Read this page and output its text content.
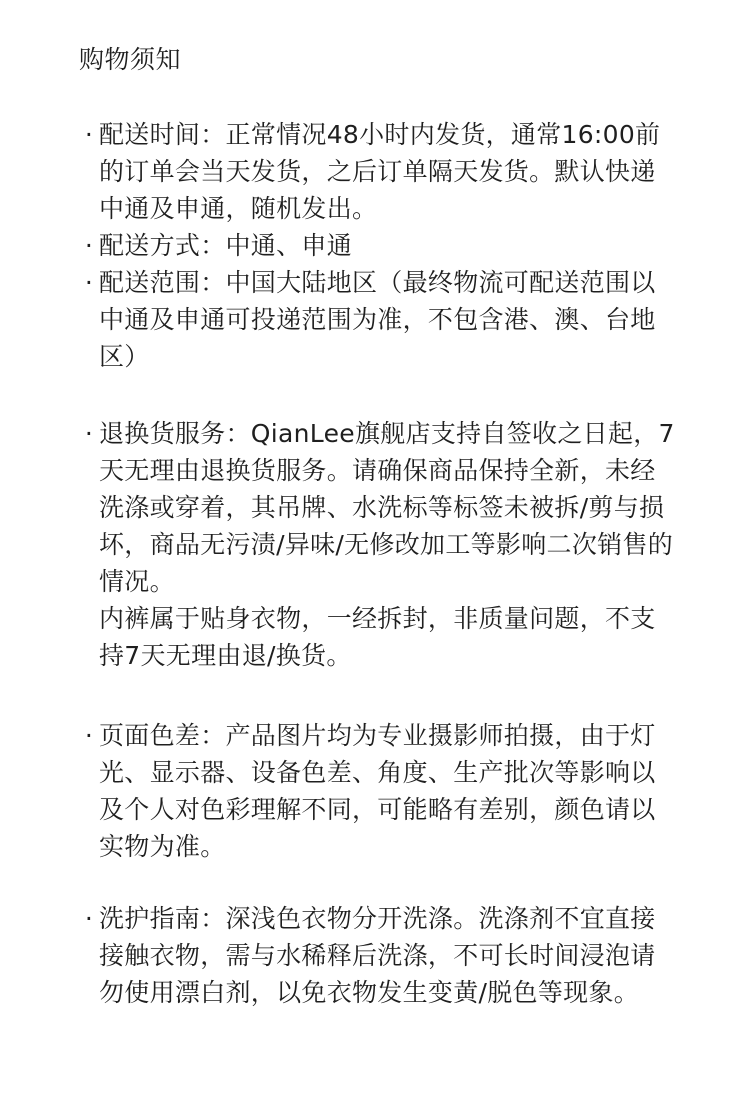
购物须知
· 配送时间：正常情况48小时内发货，通常16:00前的订单会当天发货，之后订单隔天发货。默认快递中通及申通，随机发出。
· 配送方式：中通、申通
· 配送范围：中国大陆地区（最终物流可配送范围以中通及申通可投递范围为准，不包含港、澳、台地区）
· 退换货服务：QianLee旗舰店支持自签收之日起，7天无理由退换货服务。请确保商品保持全新，未经洗涤或穿着，其吊牌、水洗标等标签未被拆/剪与损坏，商品无污渍/异味/无修改加工等影响二次销售的情况。
内裤属于贴身衣物，一经拆封，非质量问题，不支持7天无理由退/换货。
· 页面色差：产品图片均为专业摄影师拍摄，由于灯光、显示器、设备色差、角度、生产批次等影响以及个人对色彩理解不同，可能略有差别，颜色请以实物为准。
· 洗护指南：深浅色衣物分开洗涤。洗涤剂不宜直接接触衣物，需与水稀释后洗涤，不可长时间浸泡请勿使用漂白剂，以免衣物发生变黄/脱色等现象。
